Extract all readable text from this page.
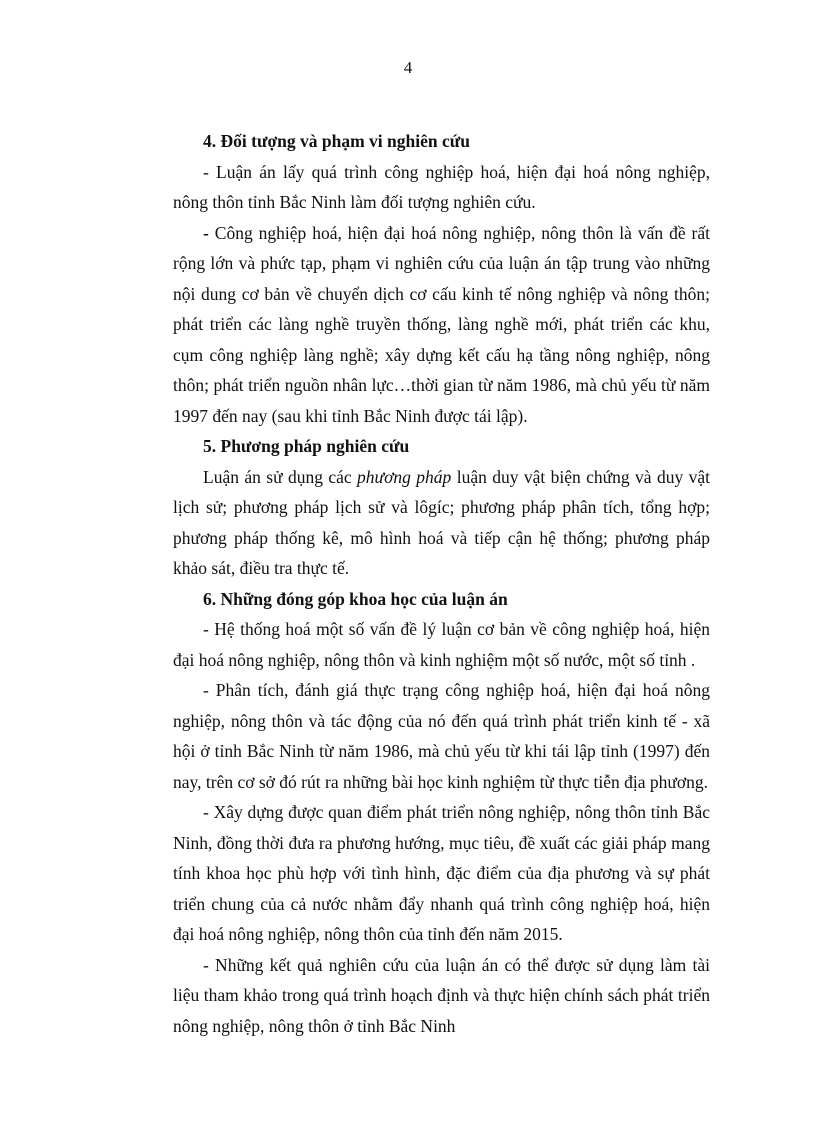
4
4. Đối tượng và phạm vi nghiên cứu

- Luận án lấy quá trình công nghiệp hoá, hiện đại hoá nông nghiệp, nông thôn tỉnh Bắc Ninh làm đối tượng nghiên cứu.

- Công nghiệp hoá, hiện đại hoá nông nghiệp, nông thôn là vấn đề rất rộng lớn và phức tạp, phạm vi nghiên cứu của luận án tập trung vào những nội dung cơ bản về chuyển dịch cơ cấu kinh tế nông nghiệp và nông thôn; phát triển các làng nghề truyền thống, làng nghề mới, phát triển các khu, cụm công nghiệp làng nghề; xây dựng kết cấu hạ tầng nông nghiệp, nông thôn; phát triển nguồn nhân lực…thời gian từ năm 1986, mà chủ yếu từ năm 1997 đến nay (sau khi tỉnh Bắc Ninh được tái lập).

5. Phương pháp nghiên cứu

Luận án sử dụng các phương pháp luận duy vật biện chứng và duy vật lịch sử; phương pháp lịch sử và lôgíc; phương pháp phân tích, tổng hợp; phương pháp thống kê, mô hình hoá và tiếp cận hệ thống; phương pháp khảo sát, điều tra thực tế.

6. Những đóng góp khoa học của luận án

- Hệ thống hoá một số vấn đề lý luận cơ bản về công nghiệp hoá, hiện đại hoá nông nghiệp, nông thôn và kinh nghiệm một số nước, một số tỉnh .

- Phân tích, đánh giá thực trạng công nghiệp hoá, hiện đại hoá nông nghiệp, nông thôn và tác động của nó đến quá trình phát triển kinh tế - xã hội ở tỉnh Bắc Ninh từ năm 1986, mà chủ yếu từ khi tái lập tỉnh (1997) đến nay, trên cơ sở đó rút ra những bài học kinh nghiệm từ thực tiễn địa phương.

- Xây dựng được quan điểm phát triển nông nghiệp, nông thôn tỉnh Bắc Ninh, đồng thời đưa ra phương hướng, mục tiêu, đề xuất các giải pháp mang tính khoa học phù hợp với tình hình, đặc điểm của địa phương và sự phát triển chung của cả nước nhằm đẩy nhanh quá trình công nghiệp hoá, hiện đại hoá nông nghiệp, nông thôn của tỉnh đến năm 2015.

- Những kết quả nghiên cứu của luận án có thể được sử dụng làm tài liệu tham khảo trong quá trình hoạch định và thực hiện chính sách phát triển nông nghiệp, nông thôn ở tỉnh Bắc Ninh
